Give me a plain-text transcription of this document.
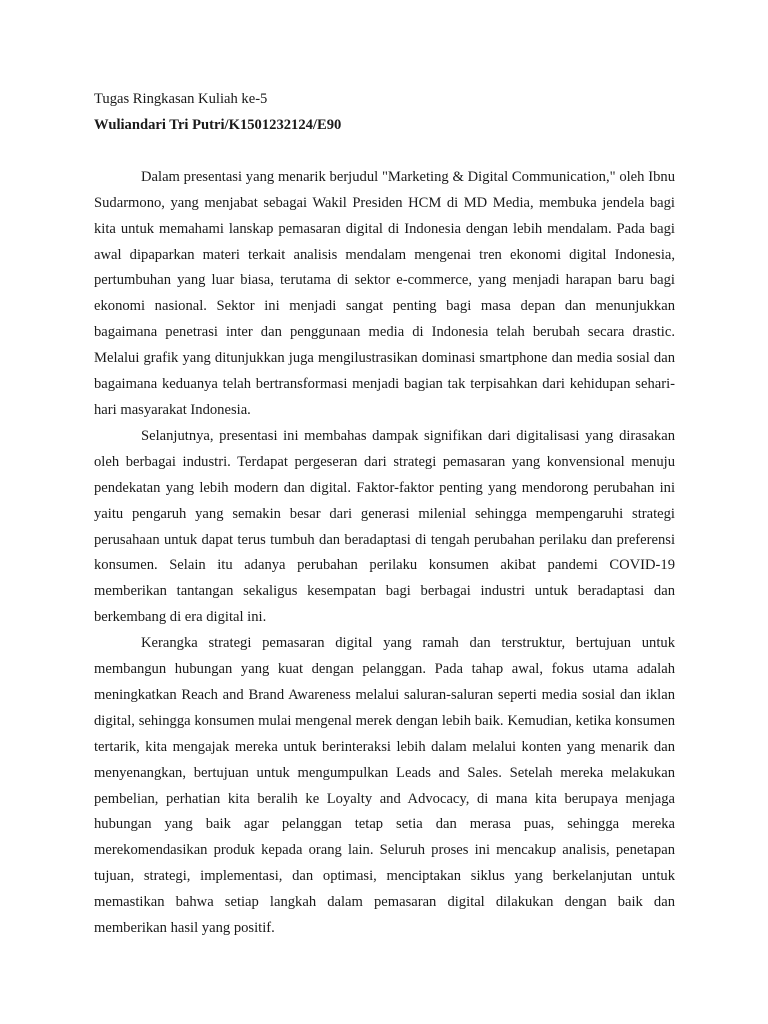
Tugas Ringkasan Kuliah ke-5

Wuliandari Tri Putri/K1501232124/E90

Dalam presentasi yang menarik berjudul "Marketing & Digital Communication," oleh Ibnu Sudarmono, yang menjabat sebagai Wakil Presiden HCM di MD Media, membuka jendela bagi kita untuk memahami lanskap pemasaran digital di Indonesia dengan lebih mendalam. Pada bagi awal dipaparkan materi terkait analisis mendalam mengenai tren ekonomi digital Indonesia, pertumbuhan yang luar biasa, terutama di sektor e-commerce, yang menjadi harapan baru bagi ekonomi nasional. Sektor ini menjadi sangat penting bagi masa depan dan menunjukkan bagaimana penetrasi inter dan penggunaan media di Indonesia telah berubah secara drastic. Melalui grafik yang ditunjukkan juga mengilustrasikan dominasi smartphone dan media sosial dan bagaimana keduanya telah bertransformasi menjadi bagian tak terpisahkan dari kehidupan sehari-hari masyarakat Indonesia.

Selanjutnya, presentasi ini membahas dampak signifikan dari digitalisasi yang dirasakan oleh berbagai industri. Terdapat pergeseran dari strategi pemasaran yang konvensional menuju pendekatan yang lebih modern dan digital. Faktor-faktor penting yang mendorong perubahan ini yaitu pengaruh yang semakin besar dari generasi milenial sehingga mempengaruhi strategi perusahaan untuk dapat terus tumbuh dan beradaptasi di tengah perubahan perilaku dan preferensi konsumen. Selain itu adanya perubahan perilaku konsumen akibat pandemi COVID-19 memberikan tantangan sekaligus kesempatan bagi berbagai industri untuk beradaptasi dan berkembang di era digital ini.

Kerangka strategi pemasaran digital yang ramah dan terstruktur, bertujuan untuk membangun hubungan yang kuat dengan pelanggan. Pada tahap awal, fokus utama adalah meningkatkan Reach and Brand Awareness melalui saluran-saluran seperti media sosial dan iklan digital, sehingga konsumen mulai mengenal merek dengan lebih baik. Kemudian, ketika konsumen tertarik, kita mengajak mereka untuk berinteraksi lebih dalam melalui konten yang menarik dan menyenangkan, bertujuan untuk mengumpulkan Leads and Sales. Setelah mereka melakukan pembelian, perhatian kita beralih ke Loyalty and Advocacy, di mana kita berupaya menjaga hubungan yang baik agar pelanggan tetap setia dan merasa puas, sehingga mereka merekomendasikan produk kepada orang lain. Seluruh proses ini mencakup analisis, penetapan tujuan, strategi, implementasi, dan optimasi, menciptakan siklus yang berkelanjutan untuk memastikan bahwa setiap langkah dalam pemasaran digital dilakukan dengan baik dan memberikan hasil yang positif.
